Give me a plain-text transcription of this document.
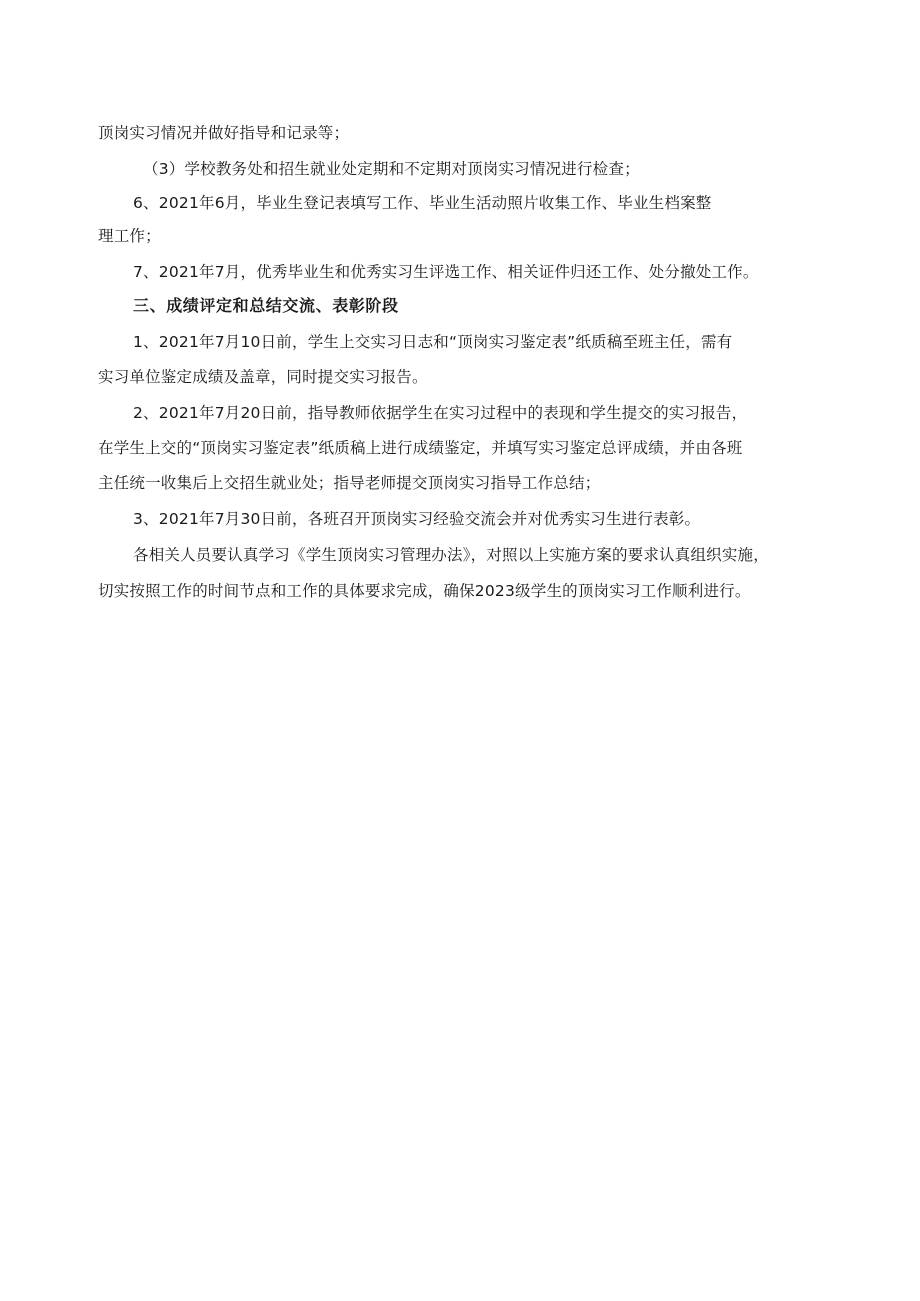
顶岗实习情况并做好指导和记录等；
（3）学校教务处和招生就业处定期和不定期对顶岗实习情况进行检查；
6、2021年6月，毕业生登记表填写工作、毕业生活动照片收集工作、毕业生档案整
理工作；
7、2021年7月，优秀毕业生和优秀实习生评选工作、相关证件归还工作、处分撤处工作。
三、成绩评定和总结交流、表彰阶段
1、2021年7月10日前，学生上交实习日志和“顶岗实习鉴定表”纸质稿至班主任，需有
实习单位鉴定成绩及盖章，同时提交实习报告。
2、2021年7月20日前，指导教师依据学生在实习过程中的表现和学生提交的实习报告，
在学生上交的“顶岗实习鉴定表”纸质稿上进行成绩鉴定，并填写实习鉴定总评成绩，并由各班
主任统一收集后上交招生就业处；指导老师提交顶岗实习指导工作总结；
3、2021年7月30日前，各班召开顶岗实习经验交流会并对优秀实习生进行表彰。
各相关人员要认真学习《学生顶岗实习管理办法》，对照以上实施方案的要求认真组织实施，
切实按照工作的时间节点和工作的具体要求完成，确保2023级学生的顶岗实习工作顺利进行。
